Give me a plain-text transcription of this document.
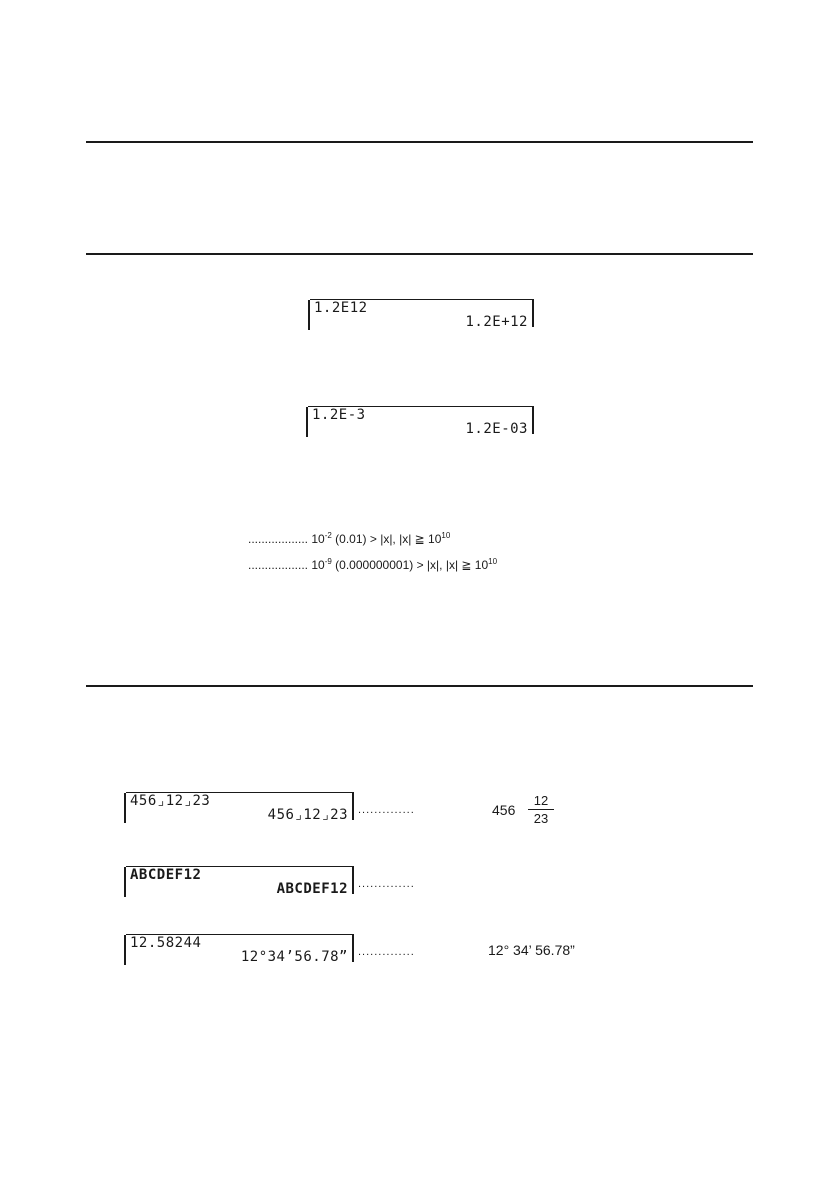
1.2E12
1.2E+12
1.2E-3
1.2E-03
.................. $10^{-2}$ (0.01) > |x|, |x| ≧ $10^{10}$
.................. $10^{-9}$ (0.000000001) > |x|, |x| ≧ $10^{10}$
456⌟12⌟23
456⌟12⌟23 ..............	456
12
23
ABCDEF12
ABCDEF12 ..............
12.58244
12°34’56.78” ..............	12° 34’ 56.78”
